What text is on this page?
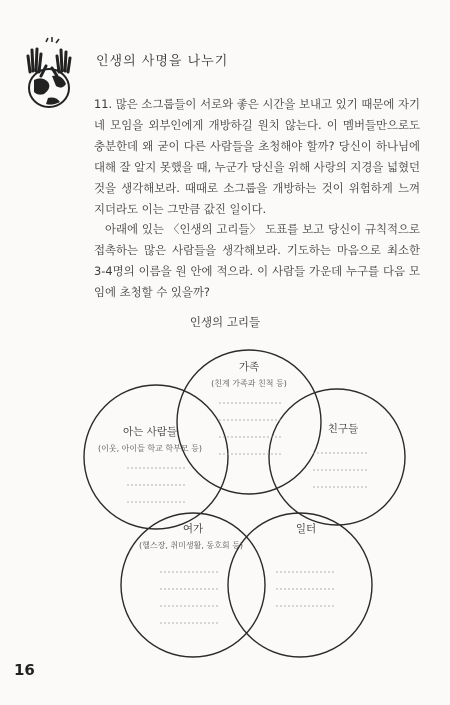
인생의 사명을 나누기

11. 많은 소그룹들이 서로와 좋은 시간을 보내고 있기 때문에 자기네 모임을 외부인에게 개방하길 원치 않는다. 이 멤버들만으로도 충분한데 왜 굳이 다른 사람들을 초청해야 할까? 당신이 하나님에 대해 잘 알지 못했을 때, 누군가 당신을 위해 사랑의 지경을 넓혔던 것을 생각해보라. 때때로 소그룹을 개방하는 것이 위험하게 느껴지더라도 이는 그만큼 값진 일이다.

아래에 있는 〈인생의 고리들〉 도표를 보고 당신이 규칙적으로 접촉하는 많은 사람들을 생각해보라. 기도하는 마음으로 최소한 3-4명의 이름을 원 안에 적으라. 이 사람들 가운데 누구를 다음 모임에 초청할 수 있을까?

인생의 고리들
가족
(친계 가족과 친척 등)
아는 사람들
(이웃, 아이들 학교 학부모 등)
친구들
여가
(헬스장, 취미생활, 동호회 등)
일터
16
